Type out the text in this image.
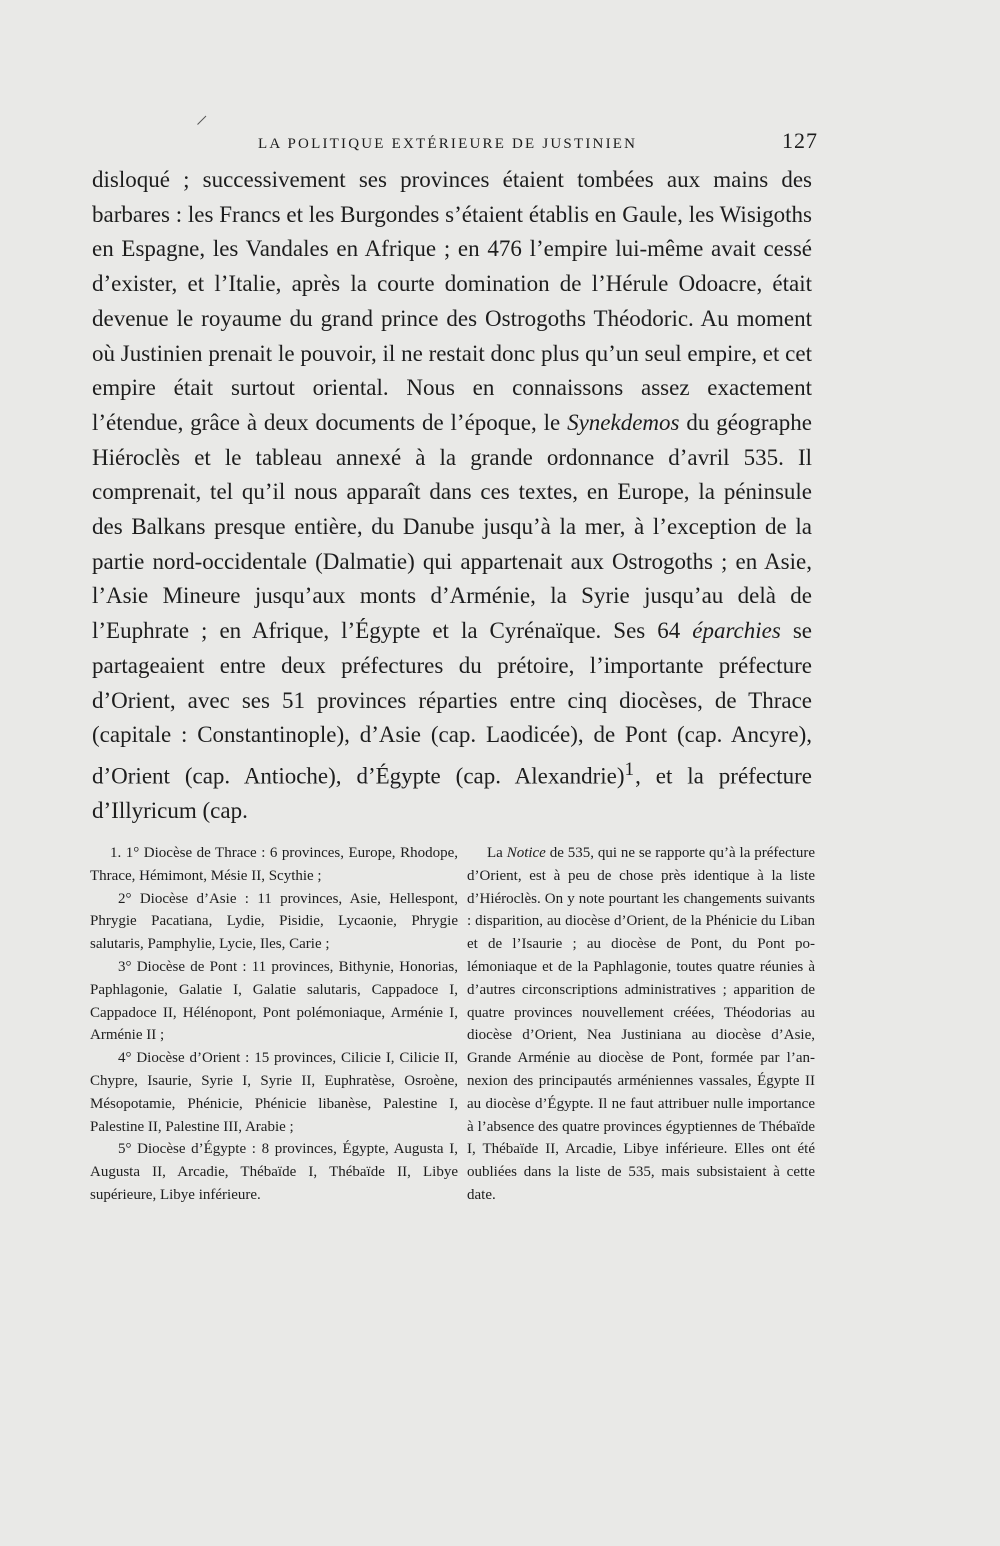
LA POLITIQUE EXTÉRIEURE DE JUSTINIEN	127

disloqué ; successivement ses provinces étaient tombées aux mains des barbares : les Francs et les Burgondes s’étaient établis en Gaule, les Wisigoths en Espagne, les Vandales en Afrique ; en 476 l’empire lui-même avait cessé d’exister, et l’Italie, après la courte domination de l’Hérule Odoacre, était devenue le royaume du grand prince des Ostrogoths Théodoric. Au moment où Justinien prenait le pouvoir, il ne restait donc plus qu’un seul empire, et cet empire était surtout oriental. Nous en connaissons assez exactement l’étendue, grâce à deux documents de l’époque, le Synekdemos du géographe Hiéroclès et le tableau annexé à la grande ordonnance d’avril 535. Il comprenait, tel qu’il nous apparaît dans ces textes, en Europe, la péninsule des Balkans presque entière, du Danube jusqu’à la mer, à l’exception de la partie nord-occidentale (Dalmatie) qui appartenait aux Ostrogoths ; en Asie, l’Asie Mineure jusqu’aux monts d’Arménie, la Syrie jusqu’au delà de l’Euphrate ; en Afrique, l’Égypte et la Cyrénaïque. Ses 64 éparchies se partageaient entre deux préfectures du prétoire, l’importante préfecture d’Orient, avec ses 51 provinces réparties entre cinq diocèses, de Thrace (capitale : Constantinople), d’Asie (cap. Laodicée), de Pont (cap. Ancyre), d’Orient (cap. Antioche), d’Égypte (cap. Alexandrie)$^1$, et la préfecture d’Illyricum (cap.

1. 1° Diocèse de Thrace : 6 provinces, Europe, Rhodope, Thrace, Hémimont, Mésie II, Scythie ;

2° Diocèse d’Asie : 11 provinces, Asie, Hellespont, Phrygie Pacatiana, Lydie, Pisidie, Lycaonie, Phrygie salutaris, Pamphylie, Lycie, Iles, Carie ;

3° Diocèse de Pont : 11 provinces, Bithynie, Honorias, Paphlagonie, Galatie I, Galatie salutaris, Cappadoce I, Cappadoce II, Hélénopont, Pont polémoniaque, Arménie I, Arménie II ;

4° Diocèse d’Orient : 15 provinces, Cilicie I, Cilicie II, Chypre, Isaurie, Syrie I, Syrie II, Euphratèse, Osroène, Mésopotamie, Phénicie, Phénicie libanèse, Palestine I, Palestine II, Palestine III, Arabie ;

5° Diocèse d’Égypte : 8 provinces, Égypte, Augusta I, Augusta II, Arcadie, Thébaïde I, Thébaïde II, Libye supérieure, Libye inférieure.

La Notice de 535, qui ne se rapporte qu’à la préfecture d’Orient, est à peu de chose près identique à la liste d’Hiéroclès. On y note pourtant les changements suivants : disparition, au diocèse d’Orient, de la Phénicie du Liban et de l’Isaurie ; au diocèse de Pont, du Pont polémoniaque et de la Paphlagonie, toutes quatre réunies à d’autres circonscriptions administratives ; apparition de quatre provinces nouvellement créées, Théodorias au diocèse d’Orient, Nea Justiniana au diocèse d’Asie, Grande Arménie au diocèse de Pont, formée par l’annexion des principautés arméniennes vassales, Égypte II au diocèse d’Égypte. Il ne faut attribuer nulle importance à l’absence des quatre provinces égyptiennes de Thébaïde I, Thébaïde II, Arcadie, Libye inférieure. Elles ont été oubliées dans la liste de 535, mais subsistaient à cette date.
